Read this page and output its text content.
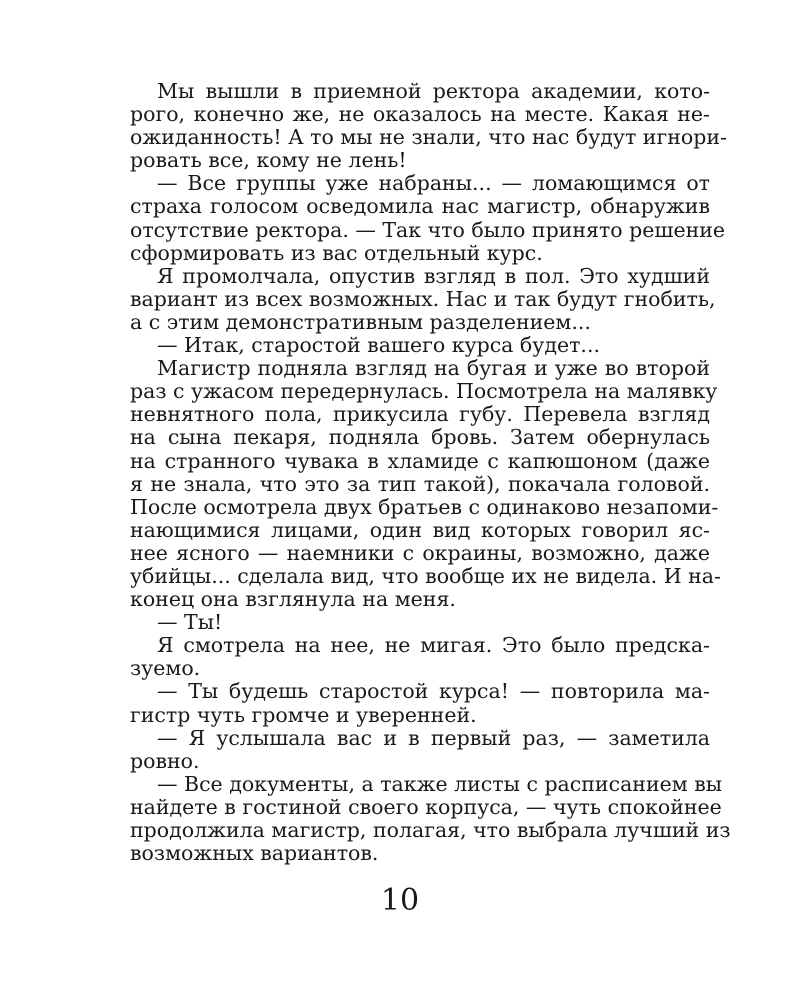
Мы вышли в приемной ректора академии, кото-
рого, конечно же, не оказалось на месте. Какая не-
ожиданность! А то мы не знали, что нас будут игнори-
ровать все, кому не лень!
— Все группы уже набраны... — ломающимся от
страха голосом осведомила нас магистр, обнаружив
отсутствие ректора. — Так что было принято решение
сформировать из вас отдельный курс.
Я промолчала, опустив взгляд в пол. Это худший
вариант из всех возможных. Нас и так будут гнобить,
а с этим демонстративным разделением...
— Итак, старостой вашего курса будет...
Магистр подняла взгляд на бугая и уже во второй
раз с ужасом передернулась. Посмотрела на малявку
невнятного пола, прикусила губу. Перевела взгляд
на сына пекаря, подняла бровь. Затем обернулась
на странного чувака в хламиде с капюшоном (даже
я не знала, что это за тип такой), покачала головой.
После осмотрела двух братьев с одинаково незапоми-
нающимися лицами, один вид которых говорил яс-
нее ясного — наемники с окраины, возможно, даже
убийцы... сделала вид, что вообще их не видела. И на-
конец она взглянула на меня.
— Ты!
Я смотрела на нее, не мигая. Это было предска-
зуемо.
— Ты будешь старостой курса! — повторила ма-
гистр чуть громче и уверенней.
— Я услышала вас и в первый раз, — заметила
ровно.
— Все документы, а также листы с расписанием вы
найдете в гостиной своего корпуса, — чуть спокойнее
продолжила магистр, полагая, что выбрала лучший из
возможных вариантов.
10
